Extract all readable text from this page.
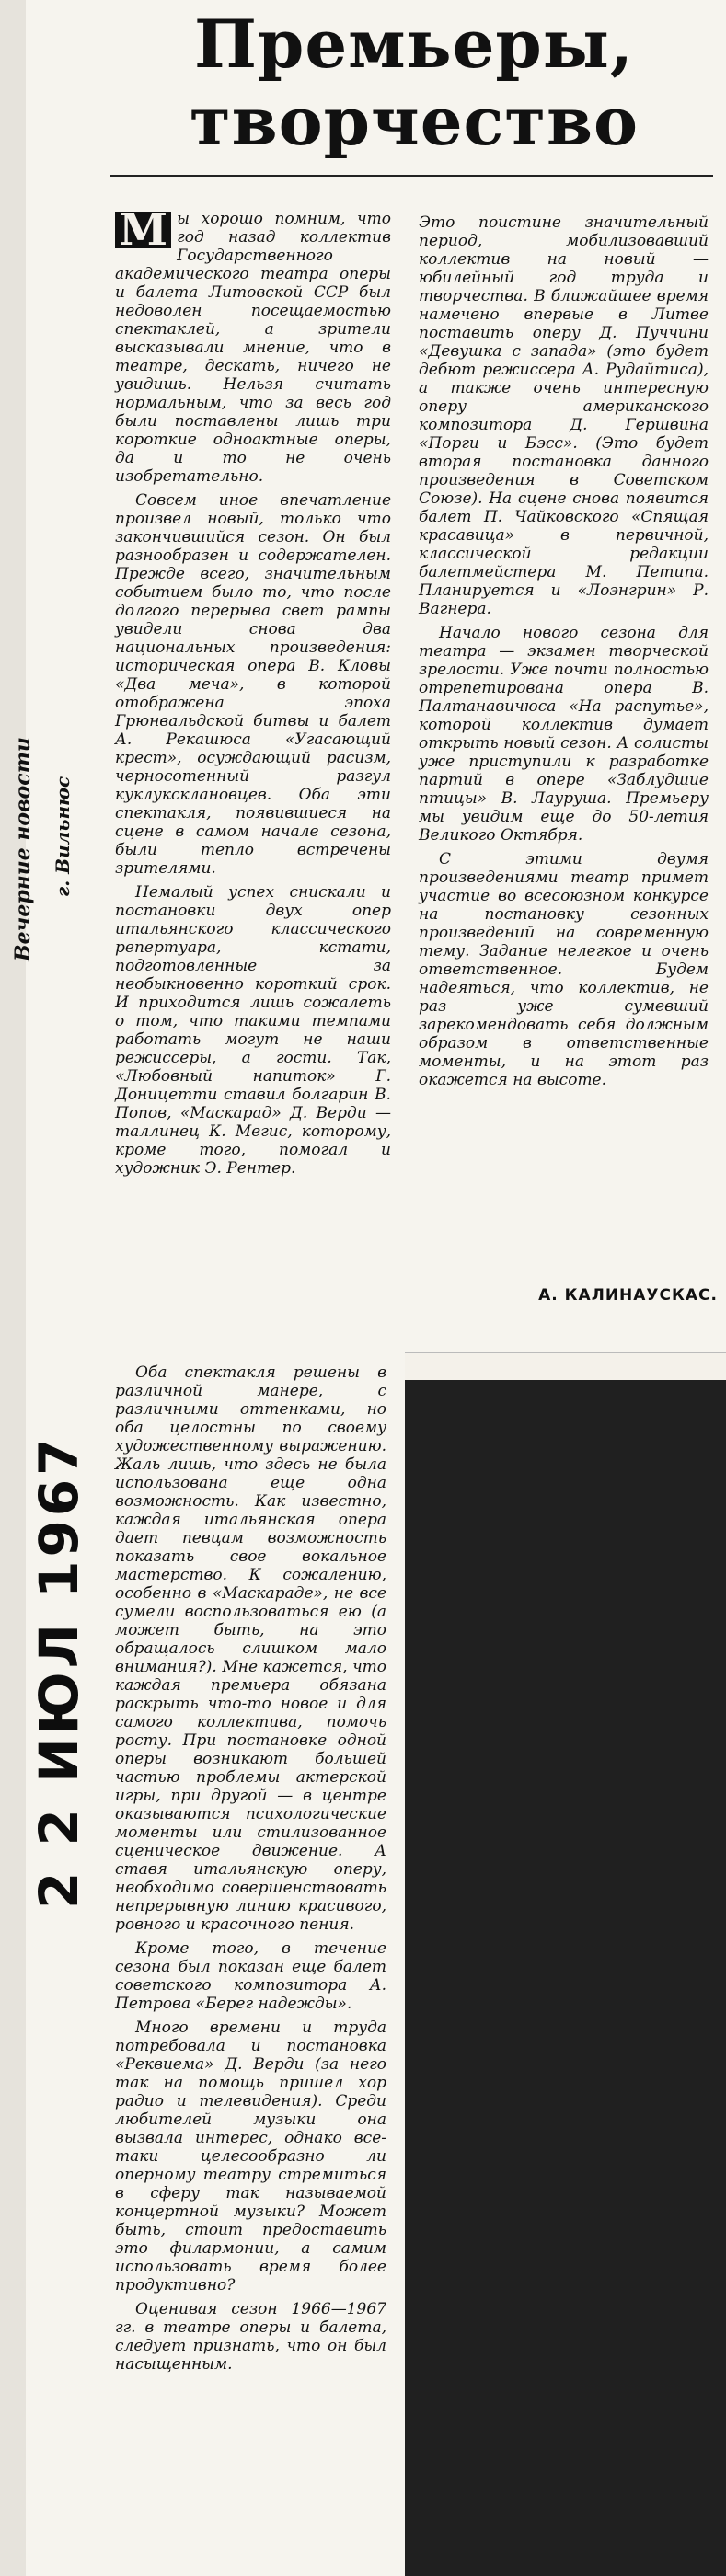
Премьеры,
творчество
Вечерние новости г. Вильнюс
2 2 ИЮЛ 1967

М ы хорошо помним, что год назад коллектив Государственного академического театра оперы и балета Литовской ССР был недоволен посещаемостью спектаклей, а зрители высказывали мнение, что в театре, дескать, ничего не увидишь. Нельзя считать нормальным, что за весь год были поставлены лишь три короткие одноактные оперы, да и то не очень изобретательно.

Совсем иное впечатление произвел новый, только что закончившийся сезон. Он был разнообразен и содержателен. Прежде всего, значительным событием было то, что после долгого перерыва свет рампы увидели снова два национальных произведения: историческая опера В. Кловы «Два меча», в которой отображена эпоха Грюнвальдской битвы и балет А. Рекашюса «Угасающий крест», осуждающий расизм, черносотенный разгул куклуксклановцев. Оба эти спектакля, появившиеся на сцене в самом начале сезона, были тепло встречены зрителями.

Немалый успех снискали и постановки двух опер итальянского классического репертуара, кстати, подготовленные за необыкновенно короткий срок. И приходится лишь сожалеть о том, что такими темпами работать могут не наши режиссеры, а гости. Так, «Любовный напиток» Г. Доницетти ставил болгарин В. Попов, «Маскарад» Д. Верди — таллинец К. Мегис, которому, кроме того, помогал и художник Э. Рентер.

Это поистине значительный период, мобилизовавший коллектив на новый — юбилейный год труда и творчества. В ближайшее время намечено впервые в Литве поставить оперу Д. Пуччини «Девушка с запада» (это будет дебют режиссера А. Рудайтиса), а также очень интересную оперу американского композитора Д. Гершвина «Порги и Бэсс». (Это будет вторая постановка данного произведения в Советском Союзе). На сцене снова появится балет П. Чайковского «Спящая красавица» в первичной, классической редакции балетмейстера М. Петипа. Планируется и «Лоэнгрин» Р. Вагнера.

Начало нового сезона для театра — экзамен творческой зрелости. Уже почти полностью отрепетирована опера В. Палтанавичюса «На распутье», которой коллектив думает открыть новый сезон. А солисты уже приступили к разработке партий в опере «Заблудшие птицы» В. Лауруша. Премьеру мы увидим еще до 50-летия Великого Октября.

С этими двумя произведениями театр примет участие во всесоюзном конкурсе на постановку сезонных произведений на современную тему. Задание нелегкое и очень ответственное. Будем надеяться, что коллектив, не раз уже сумевший зарекомендовать себя должным образом в ответственные моменты, и на этот раз окажется на высоте.

А. КАЛИНАУСКАС.

Оба спектакля решены в различной манере, с различными оттенками, но оба целостны по своему художественному выражению. Жаль лишь, что здесь не была использована еще одна возможность. Как известно, каждая итальянская опера дает певцам возможность показать свое вокальное мастерство. К сожалению, особенно в «Маскараде», не все сумели воспользоваться ею (а может быть, на это обращалось слишком мало внимания?). Мне кажется, что каждая премьера обязана раскрыть что-то новое и для самого коллектива, помочь росту. При постановке одной оперы возникают большей частью проблемы актерской игры, при другой — в центре оказываются психологические моменты или стилизованное сценическое движение. А ставя итальянскую оперу, необходимо совершенствовать непрерывную линию красивого, ровного и красочного пения.

Кроме того, в течение сезона был показан еще балет советского композитора А. Петрова «Берег надежды».

Много времени и труда потребовала и постановка «Реквиема» Д. Верди (за него так на помощь пришел хор радио и телевидения). Среди любителей музыки она вызвала интерес, однако все-таки целесообразно ли оперному театру стремиться в сферу так называемой концертной музыки? Может быть, стоит предоставить это филармонии, а самим использовать время более продуктивно?

Оценивая сезон 1966—1967 гг. в театре оперы и балета, следует признать, что он был насыщенным.
